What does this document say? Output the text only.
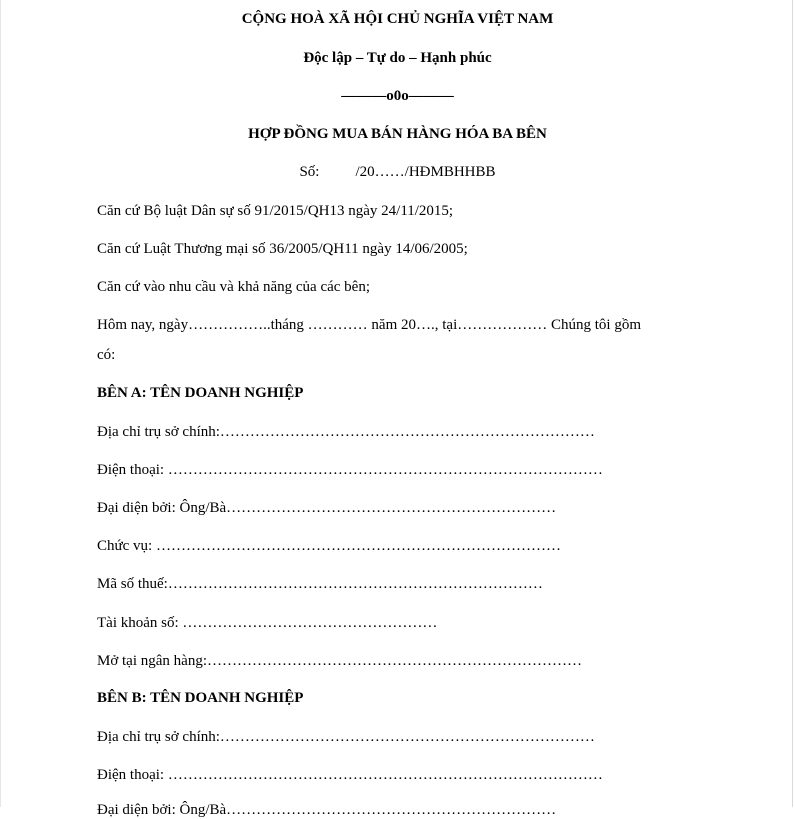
CỘNG HOÀ XÃ HỘI CHỦ NGHĨA VIỆT NAM
Độc lập – Tự do – Hạnh phúc
———o0o———
HỢP ĐỒNG MUA BÁN HÀNG HÓA BA BÊN
Số: /20……/HĐMBHHBB
Căn cứ Bộ luật Dân sự số 91/2015/QH13 ngày 24/11/2015;
Căn cứ Luật Thương mại số 36/2005/QH11 ngày 14/06/2005;
Căn cứ vào nhu cầu và khả năng của các bên;
Hôm nay, ngày……………..tháng ………… năm 20…., tại……………… Chúng tôi gồm
có:
BÊN A: TÊN DOANH NGHIỆP
Địa chỉ trụ sở chính:…………………………………………………………………
Điện thoại: ……………………………………………………………………………
Đại diện bởi: Ông/Bà…………………………………………………………
Chức vụ: ………………………………………………………………………
Mã số thuế:…………………………………………………………………
Tài khoản số: ……………………………………………
Mở tại ngân hàng:…………………………………………………………………
BÊN B: TÊN DOANH NGHIỆP
Địa chỉ trụ sở chính:…………………………………………………………………
Điện thoại: ……………………………………………………………………………
Đại diện bởi: Ông/Bà…………………………………………………………
